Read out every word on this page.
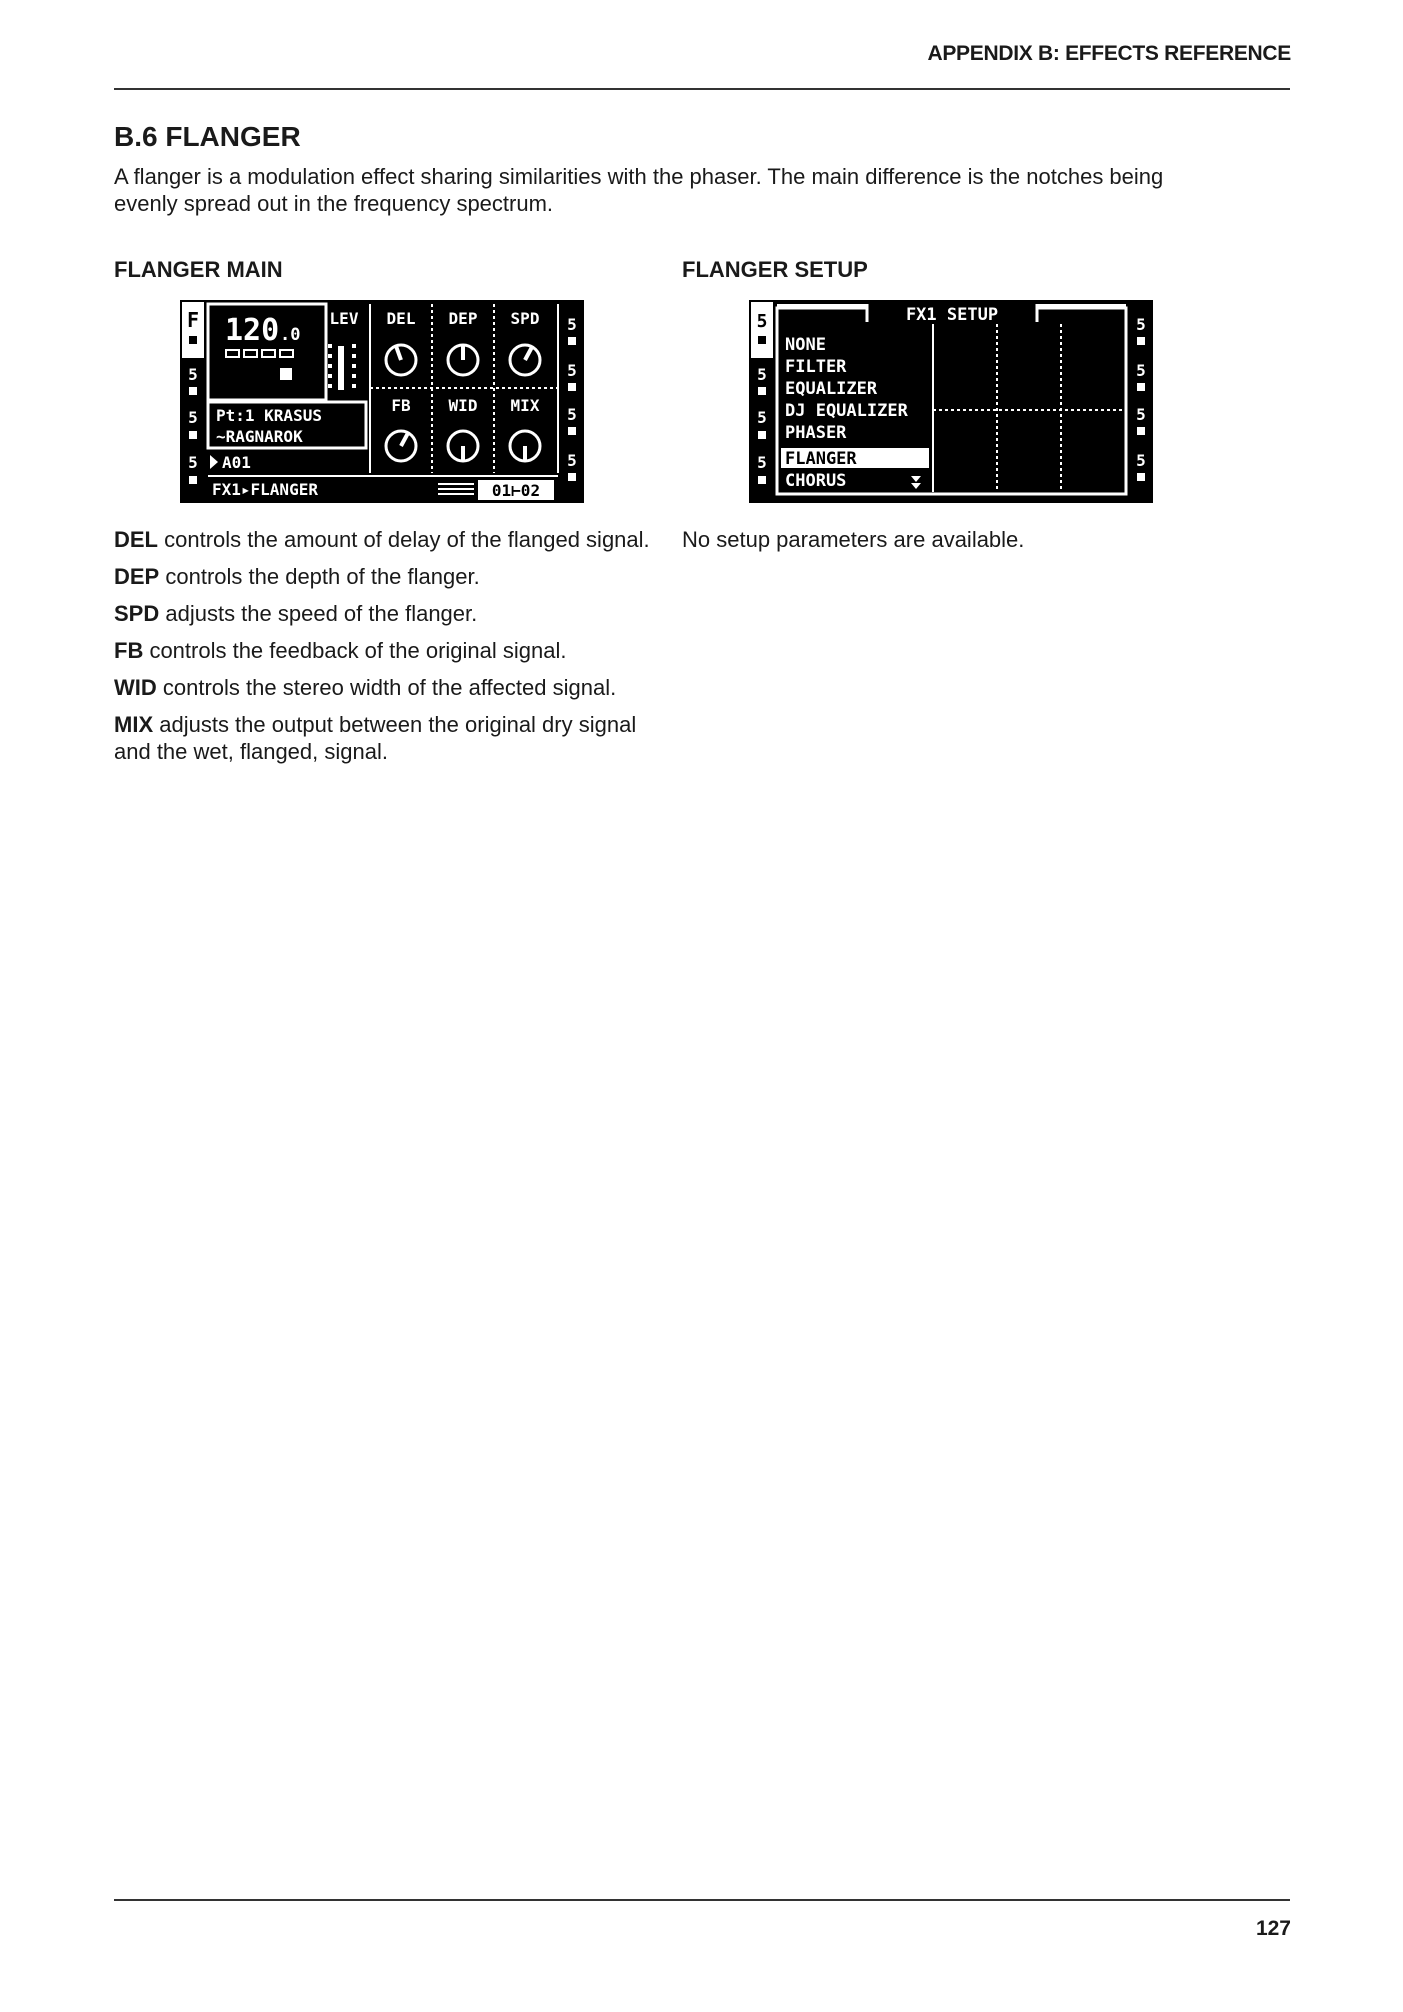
APPENDIX B: EFFECTS REFERENCE
B.6 FLANGER

A flanger is a modulation effect sharing similarities with the phaser. The main difference is the notches being evenly spread out in the frequency spectrum.

FLANGER MAIN	FLANGER SETUP
F
5
5
5
5
5
5
5
120 .0
LEV DEL DEP SPD
FB WID MIX
Pt:1 KRASUS
~RAGNAROK
A01
FX1▸FLANGER	01⊢02
5
5
5
5
5
5
5
5
FX1 SETUP
NONE
FILTER
EQUALIZER
DJ EQUALIZER
PHASER
FLANGER
CHORUS

DEL controls the amount of delay of the flanged signal.

DEP controls the depth of the flanger.

SPD adjusts the speed of the flanger.

FB controls the feedback of the original signal.

WID controls the stereo width of the affected signal.

MIX adjusts the output between the original dry signal and the wet, flanged, signal.

No setup parameters are available.

127
